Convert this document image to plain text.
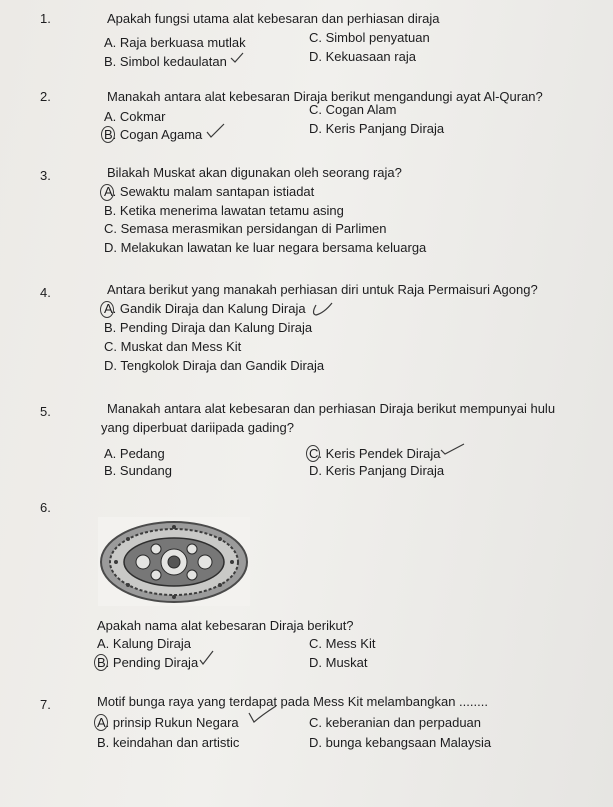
1.	Apakah fungsi utama alat kebesaran dan perhiasan diraja
A. Raja berkuasa mutlak	C. Simbol penyatuan
B. Simbol kedaulatan	D. Kekuasaan raja
2.	Manakah antara alat kebesaran Diraja berikut mengandungi ayat Al-Quran?
A. Cokmar	C. Cogan Alam
B. Cogan Agama	D. Keris Panjang Diraja
3.	Bilakah Muskat akan digunakan oleh seorang raja?
A. Sewaktu malam santapan istiadat
B. Ketika menerima lawatan tetamu asing
C. Semasa merasmikan persidangan di Parlimen
D. Melakukan lawatan ke luar negara bersama keluarga
4.	Antara berikut yang manakah perhiasan diri untuk Raja Permaisuri Agong?
A. Gandik Diraja dan Kalung Diraja
B. Pending Diraja dan Kalung Diraja
C. Muskat dan Mess Kit
D. Tengkolok Diraja dan Gandik Diraja
5.	Manakah antara alat kebesaran dan perhiasan Diraja berikut mempunyai hulu
yang diperbuat dariipada gading?
A. Pedang	C. Keris Pendek Diraja
B. Sundang	D. Keris Panjang Diraja
6.
Apakah nama alat kebesaran Diraja berikut?
A. Kalung Diraja	C. Mess Kit
B. Pending Diraja	D. Muskat
7.	Motif bunga raya yang terdapat pada Mess Kit melambangkan ........
A. prinsip Rukun Negara	C. keberanian dan perpaduan
B. keindahan dan artistic	D. bunga kebangsaan Malaysia
